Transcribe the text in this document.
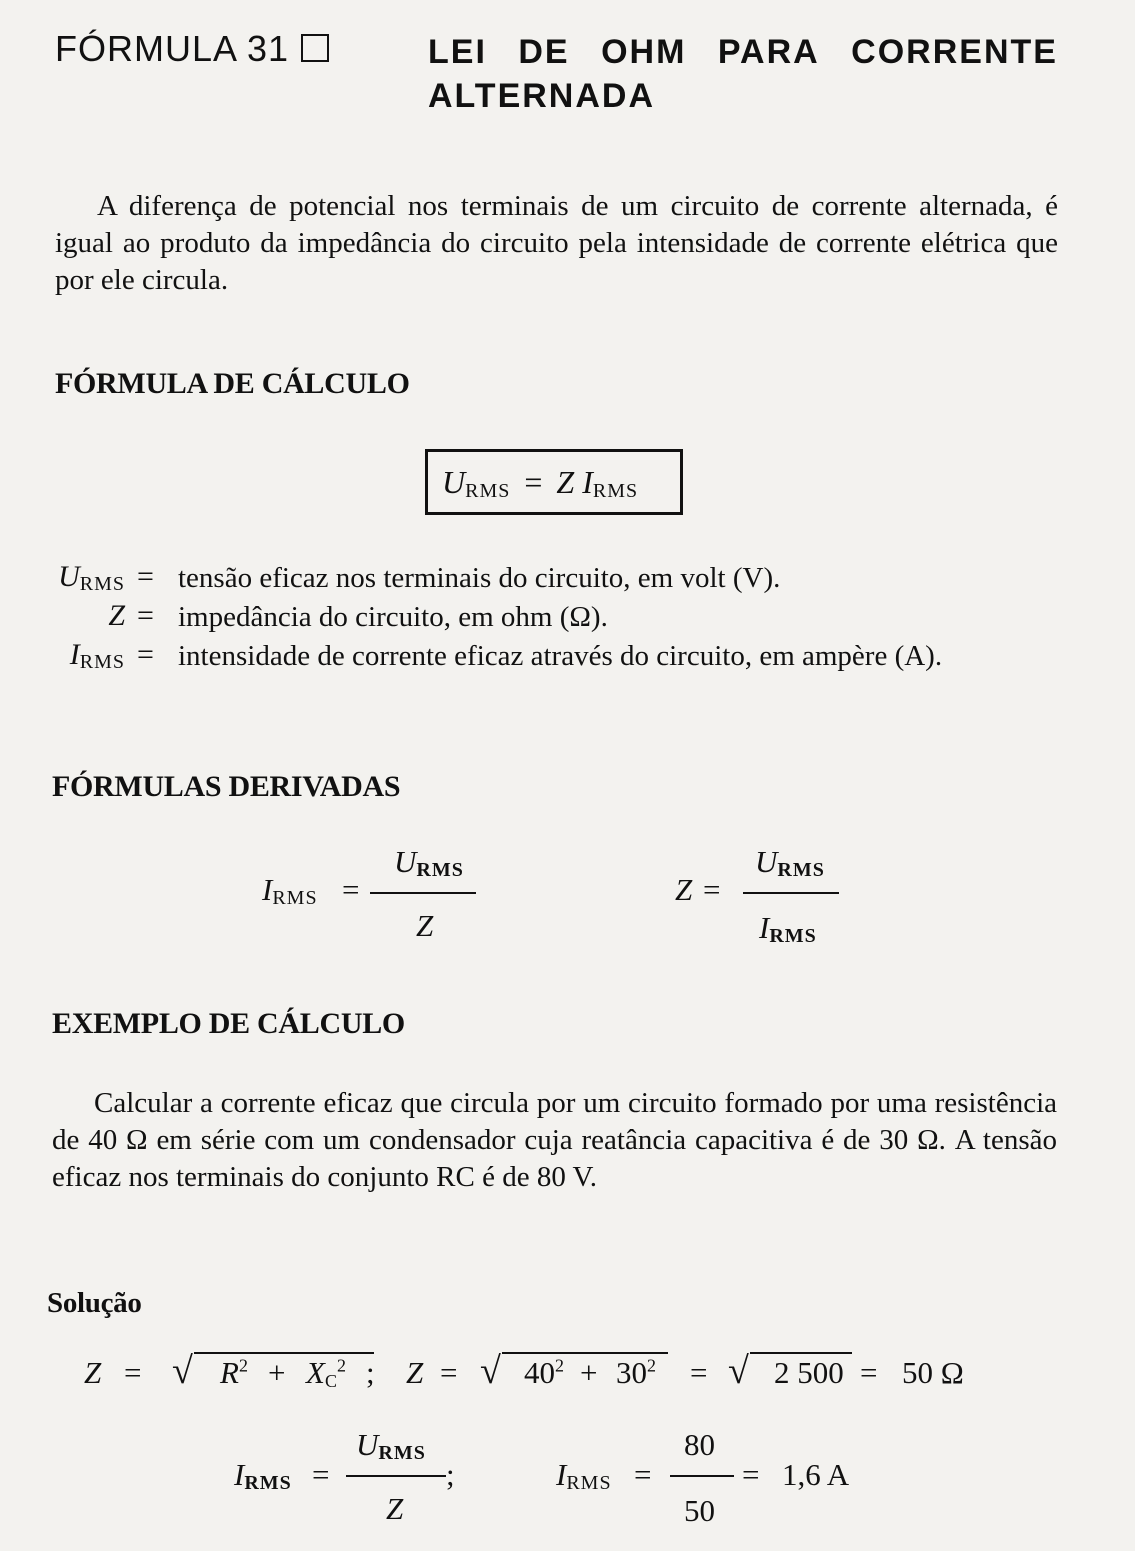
FÓRMULA 31	LEI DE OHM PARA CORRENTE
ALTERNADA
A diferença de potencial nos terminais de um circuito de corrente alternada, é igual ao produto da impedância do circuito pela intensidade de corrente elétrica que por ele circula.
FÓRMULA DE CÁLCULO
$U_{RMS} = Z$ $I_{RMS}$
$U_{RMS}$ = tensão eficaz nos terminais do circuito, em volt (V).
Z = impedância do circuito, em ohm (Ω).
$I_{RMS}$ = intensidade de corrente eficaz através do circuito, em ampère (A).
FÓRMULAS DERIVADAS
$I_{RMS}$ =
URMS
Z
Z =
URMS
IRMS
EXEMPLO DE CÁLCULO
Calcular a corrente eficaz que circula por um circuito formado por uma resistência de 40 Ω em série com um condensador cuja reatância capacitiva é de 30 Ω. A tensão eficaz nos terminais do conjunto RC é de 80 V.
Solução
Z = √ $R^2 + XC^2$ ; Z = √ $40^2 + 30^2$ = √ 2 500 = 50 Ω
IRMS =
URMS
;
Z
$I_{RMS}$ =
80
50
= 1,6 A
